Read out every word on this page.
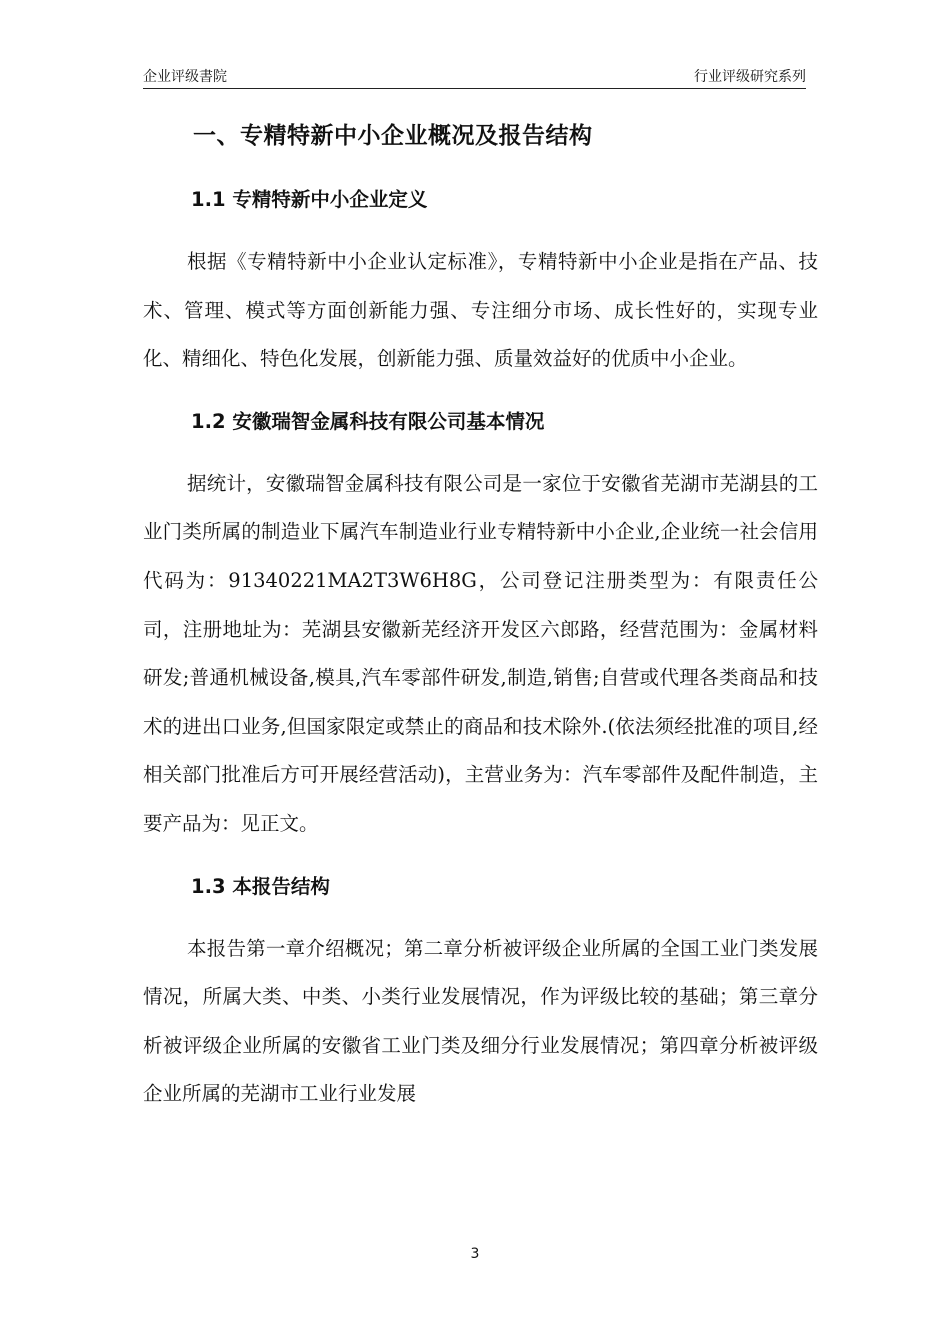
企业评级書院	行业评级研究系列
一、专精特新中小企业概况及报告结构
1.1 专精特新中小企业定义

根据《专精特新中小企业认定标准》，专精特新中小企业是指在产品、技术、管理、模式等方面创新能力强、专注细分市场、成长性好的，实现专业化、精细化、特色化发展，创新能力强、质量效益好的优质中小企业。

1.2 安徽瑞智金属科技有限公司基本情况

据统计，安徽瑞智金属科技有限公司是一家位于安徽省芜湖市芜湖县的工业门类所属的制造业下属汽车制造业行业专精特新中小企业,企业统一社会信用代码为：91340221MA2T3W6H8G，公司登记注册类型为：有限责任公司，注册地址为：芜湖县安徽新芜经济开发区六郎路，经营范围为：金属材料研发;普通机械设备,模具,汽车零部件研发,制造,销售;自营或代理各类商品和技术的进出口业务,但国家限定或禁止的商品和技术除外.(依法须经批准的项目,经相关部门批准后方可开展经营活动)，主营业务为：汽车零部件及配件制造，主要产品为：见正文。

1.3 本报告结构

本报告第一章介绍概况；第二章分析被评级企业所属的全国工业门类发展情况，所属大类、中类、小类行业发展情况，作为评级比较的基础；第三章分析被评级企业所属的安徽省工业门类及细分行业发展情况；第四章分析被评级企业所属的芜湖市工业行业发展

3
